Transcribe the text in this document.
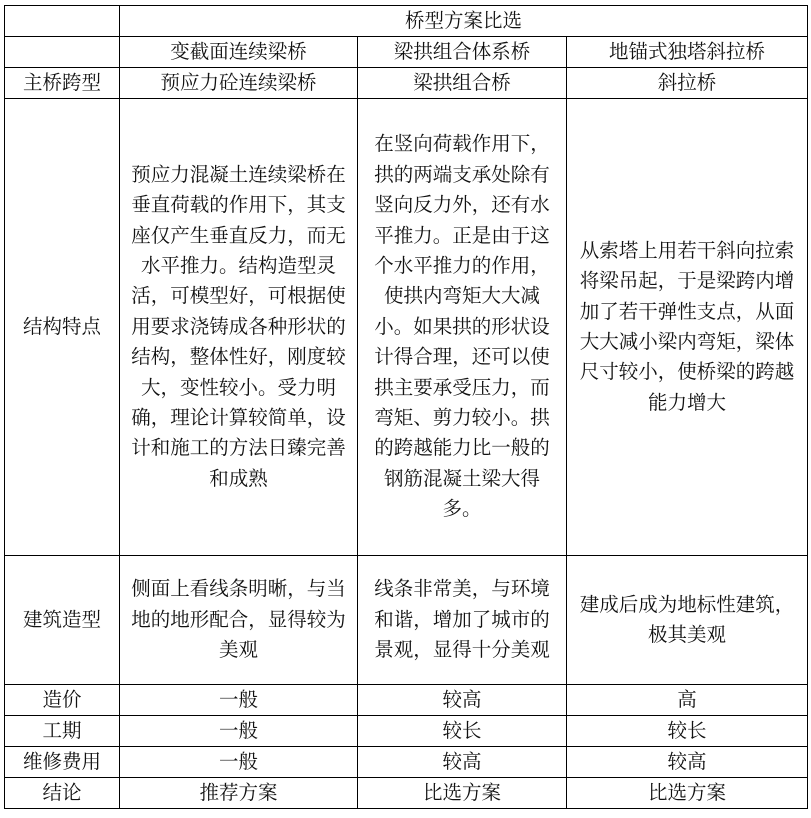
	桥型方案比选		
	变截面连续梁桥	梁拱组合体系桥	地锚式独塔斜拉桥
主桥跨型	预应力砼连续梁桥	梁拱组合桥	斜拉桥
结构特点	预应力混凝土连续梁桥在垂直荷载的作用下，其支座仅产生垂直反力，而无水平推力。结构造型灵活，可模型好，可根据使用要求浇铸成各种形状的结构，整体性好，刚度较大，变性较小。受力明确，理论计算较简单，设计和施工的方法日臻完善和成熟	在竖向荷载作用下，拱的两端支承处除有竖向反力外，还有水平推力。正是由于这个水平推力的作用，使拱内弯矩大大减小。如果拱的形状设计得合理，还可以使拱主要承受压力，而弯矩、剪力较小。拱的跨越能力比一般的钢筋混凝土梁大得多。	从索塔上用若干斜向拉索将梁吊起，于是梁跨内增加了若干弹性支点，从面大大减小梁内弯矩，梁体尺寸较小，使桥梁的跨越能力增大
建筑造型	侧面上看线条明晰，与当地的地形配合，显得较为美观	线条非常美，与环境和谐，增加了城市的景观，显得十分美观	建成后成为地标性建筑，极其美观
造价	一般	较高	高
工期	一般	较长	较长
维修费用	一般	较高	较高
结论	推荐方案	比选方案	比选方案
